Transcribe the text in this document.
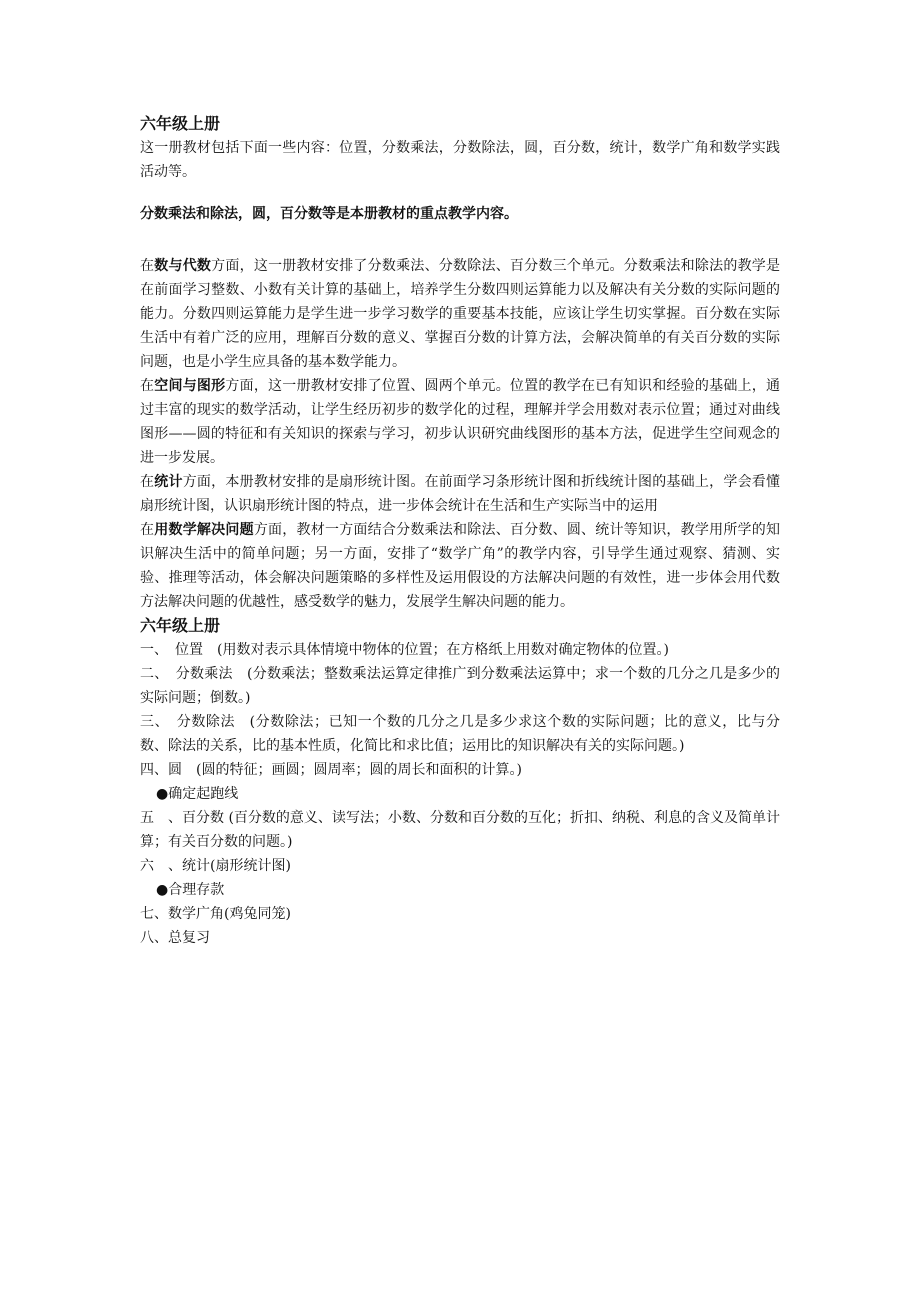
六年级上册

这一册教材包括下面一些内容：位置，分数乘法，分数除法，圆，百分数，统计，数学广角和数学实践活动等。

分数乘法和除法，圆，百分数等是本册教材的重点教学内容。

在数与代数方面，这一册教材安排了分数乘法、分数除法、百分数三个单元。分数乘法和除法的教学是在前面学习整数、小数有关计算的基础上，培养学生分数四则运算能力以及解决有关分数的实际问题的能力。分数四则运算能力是学生进一步学习数学的重要基本技能，应该让学生切实掌握。百分数在实际生活中有着广泛的应用，理解百分数的意义、掌握百分数的计算方法，会解决简单的有关百分数的实际问题，也是小学生应具备的基本数学能力。

在空间与图形方面，这一册教材安排了位置、圆两个单元。位置的教学在已有知识和经验的基础上，通过丰富的现实的数学活动，让学生经历初步的数学化的过程，理解并学会用数对表示位置；通过对曲线图形——圆的特征和有关知识的探索与学习，初步认识研究曲线图形的基本方法，促进学生空间观念的进一步发展。

在统计方面，本册教材安排的是扇形统计图。在前面学习条形统计图和折线统计图的基础上，学会看懂扇形统计图，认识扇形统计图的特点，进一步体会统计在生活和生产实际当中的运用

在用数学解决问题方面，教材一方面结合分数乘法和除法、百分数、圆、统计等知识，教学用所学的知识解决生活中的简单问题；另一方面，安排了“数学广角”的教学内容，引导学生通过观察、猜测、实验、推理等活动，体会解决问题策略的多样性及运用假设的方法解决问题的有效性，进一步体会用代数方法解决问题的优越性，感受数学的魅力，发展学生解决问题的能力。

六年级上册

一、　位置　(用数对表示具体情境中物体的位置；在方格纸上用数对确定物体的位置。)

二、　分数乘法　(分数乘法；整数乘法运算定律推广到分数乘法运算中；求一个数的几分之几是多少的实际问题；倒数。)

三、　分数除法　(分数除法；已知一个数的几分之几是多少求这个数的实际问题；比的意义，比与分数、除法的关系，比的基本性质，化简比和求比值；运用比的知识解决有关的实际问题。)

四、圆　(圆的特征；画圆；圆周率；圆的周长和面积的计算。)

●确定起跑线

五　、百分数 (百分数的意义、读写法；小数、分数和百分数的互化；折扣、纳税、利息的含义及简单计算；有关百分数的问题。)

六　、统计(扇形统计图)

●合理存款

七、数学广角(鸡兔同笼)

八、总复习
